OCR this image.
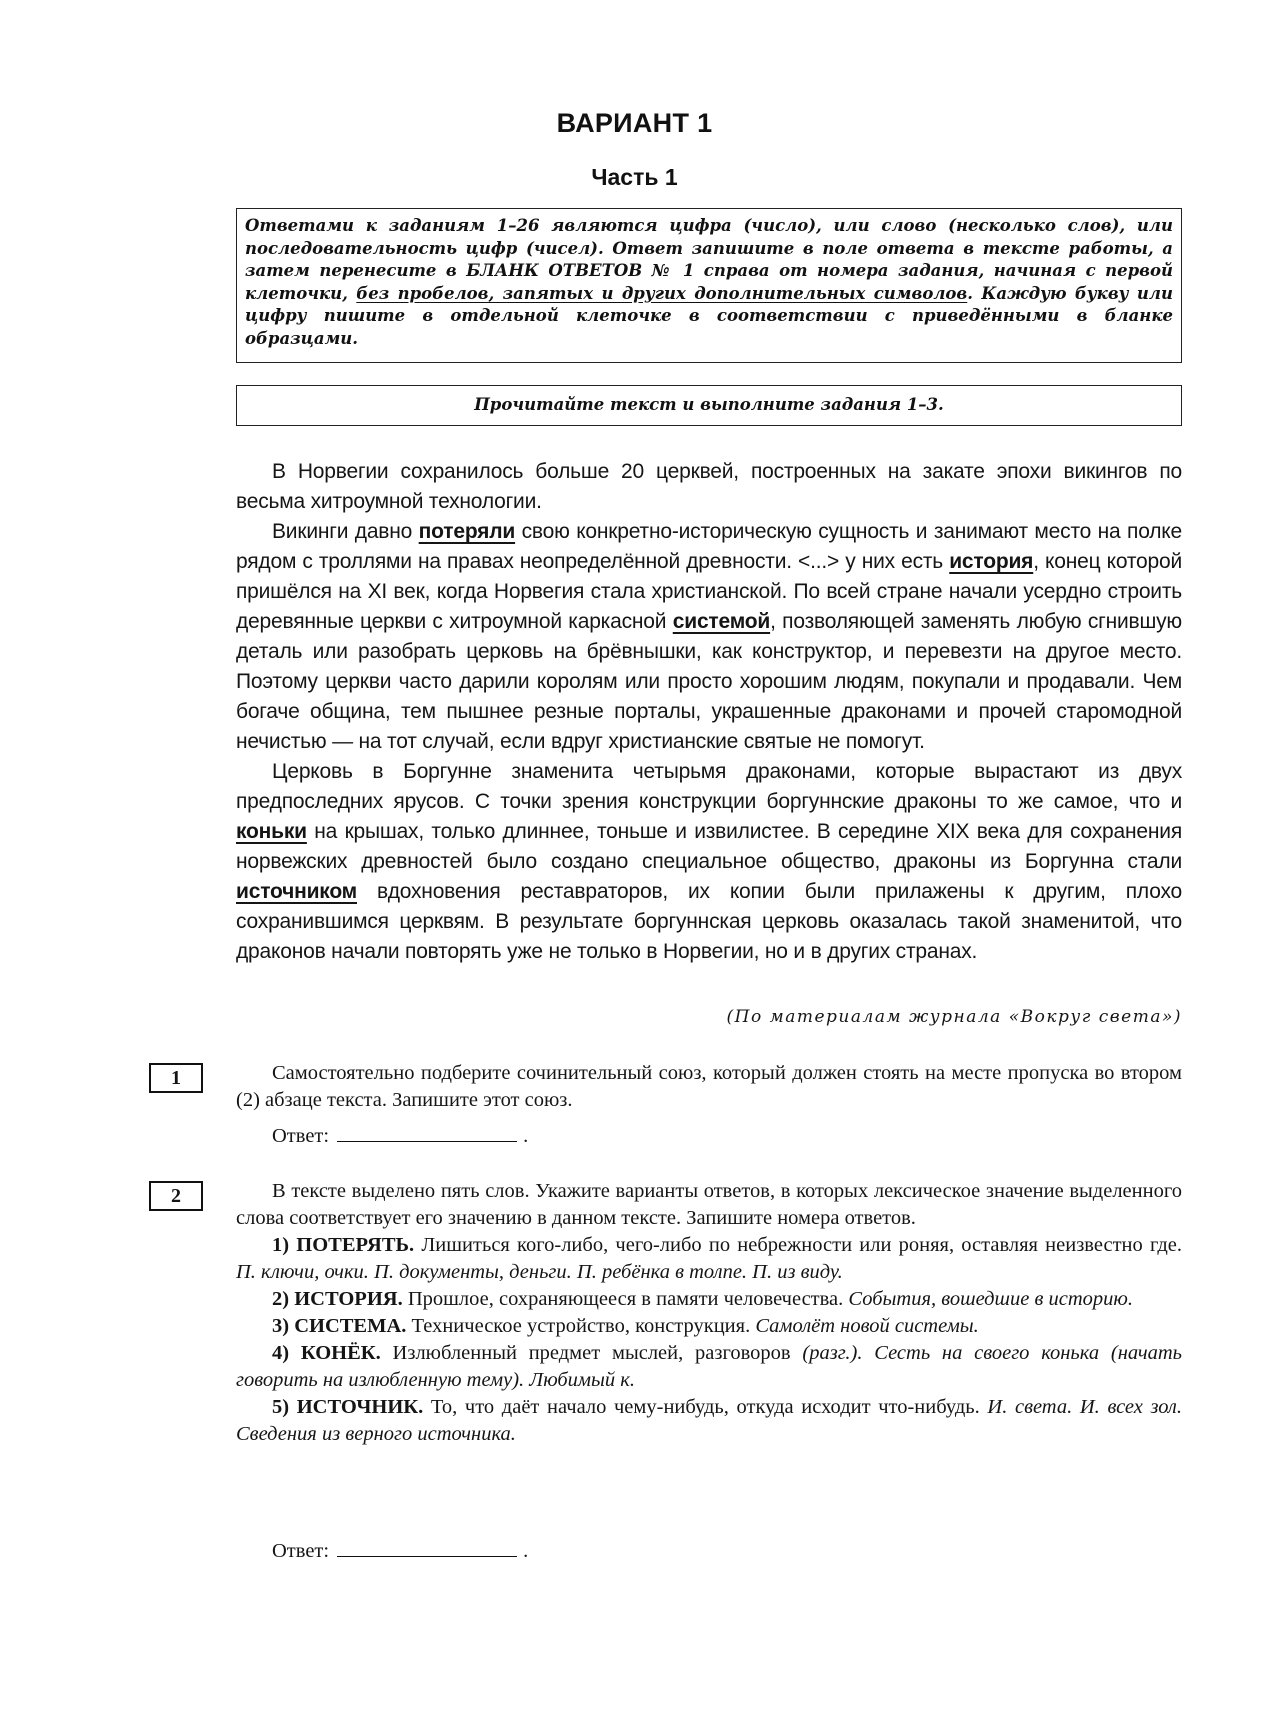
ВАРИАНТ 1
Часть 1
Ответами к заданиям 1–26 являются цифра (число), или слово (несколько слов), или последовательность цифр (чисел). Ответ запишите в поле ответа в тексте работы, а затем перенесите в БЛАНК ОТВЕТОВ № 1 справа от номера задания, начиная с первой клеточки, без пробелов, запятых и других дополнительных символов. Каждую букву или цифру пишите в отдельной клеточке в соответствии с приведёнными в бланке образцами.
Прочитайте текст и выполните задания 1–3.

В Норвегии сохранилось больше 20 церквей, построенных на закате эпохи викингов по весьма хитроумной технологии.

Викинги давно потеряли свою конкретно-историческую сущность и занимают место на полке рядом с троллями на правах неопределённой древности. <...> у них есть история, конец которой пришёлся на XI век, когда Норвегия стала христианской. По всей стране начали усердно строить деревянные церкви с хитроумной каркасной системой, позволяющей заменять любую сгнившую деталь или разобрать церковь на брёвнышки, как конструктор, и перевезти на другое место. Поэтому церкви часто дарили королям или просто хорошим людям, покупали и продавали. Чем богаче община, тем пышнее резные порталы, украшенные драконами и прочей старомодной нечистью — на тот случай, если вдруг христианские святые не помогут.

Церковь в Боргунне знаменита четырьмя драконами, которые вырастают из двух предпоследних ярусов. С точки зрения конструкции боргуннские драконы то же самое, что и коньки на крышах, только длиннее, тоньше и извилистее. В середине XIX века для сохранения норвежских древностей было создано специальное общество, драконы из Боргунна стали источником вдохновения реставраторов, их копии были прилажены к другим, плохо сохранившимся церквям. В результате боргуннская церковь оказалась такой знаменитой, что драконов начали повторять уже не только в Норвегии, но и в других странах.

(По материалам журнала «Вокруг света»)
1	Самостоятельно подберите сочинительный союз, который должен стоять на месте пропуска во втором (2) абзаце текста. Запишите этот союз.

Ответ:	.
2	В тексте выделено пять слов. Укажите варианты ответов, в которых лексическое значение выделенного слова соответствует его значению в данном тексте. Запишите номера ответов.

1) ПОТЕРЯТЬ. Лишиться кого-либо, чего-либо по небрежности или роняя, оставляя неизвестно где. П. ключи, очки. П. документы, деньги. П. ребёнка в толпе. П. из виду.

2) ИСТОРИЯ. Прошлое, сохраняющееся в памяти человечества. События, вошедшие в историю.

3) СИСТЕМА. Техническое устройство, конструкция. Самолёт новой системы.

4) КОНЁК. Излюбленный предмет мыслей, разговоров (разг.). Сесть на своего конька (начать говорить на излюбленную тему). Любимый к.

5) ИСТОЧНИК. То, что даёт начало чему-нибудь, откуда исходит что-нибудь. И. света. И. всех зол. Сведения из верного источника.

Ответ:	.
